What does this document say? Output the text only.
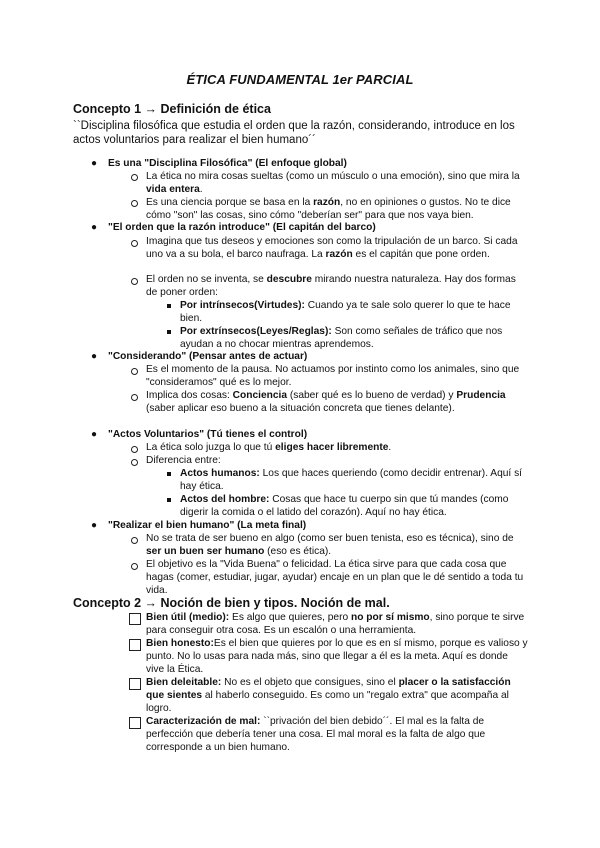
ÉTICA FUNDAMENTAL 1er PARCIAL
Concepto 1 → Definición de ética
``Disciplina filosófica que estudia el orden que la razón, considerando, introduce en los actos voluntarios para realizar el bien humano´´
● Es una "Disciplina Filosófica" (El enfoque global)
La ética no mira cosas sueltas (como un músculo o una emoción), sino que mira la vida entera.
Es una ciencia porque se basa en la razón, no en opiniones o gustos. No te dice cómo "son" las cosas, sino cómo "deberían ser" para que nos vaya bien.
● "El orden que la razón introduce" (El capitán del barco)
Imagina que tus deseos y emociones son como la tripulación de un barco. Si cada uno va a su bola, el barco naufraga. La razón es el capitán que pone orden.
El orden no se inventa, se descubre mirando nuestra naturaleza. Hay dos formas de poner orden:
Por intrínsecos(Virtudes): Cuando ya te sale solo querer lo que te hace bien.
Por extrínsecos(Leyes/Reglas): Son como señales de tráfico que nos ayudan a no chocar mientras aprendemos.
● "Considerando" (Pensar antes de actuar)
Es el momento de la pausa. No actuamos por instinto como los animales, sino que "consideramos" qué es lo mejor.
Implica dos cosas: Conciencia (saber qué es lo bueno de verdad) y Prudencia (saber aplicar eso bueno a la situación concreta que tienes delante).
● "Actos Voluntarios" (Tú tienes el control)
La ética solo juzga lo que tú eliges hacer libremente.
Diferencia entre:
Actos humanos: Los que haces queriendo (como decidir entrenar). Aquí sí hay ética.
Actos del hombre: Cosas que hace tu cuerpo sin que tú mandes (como digerir la comida o el latido del corazón). Aquí no hay ética.
● "Realizar el bien humano" (La meta final)
No se trata de ser bueno en algo (como ser buen tenista, eso es técnica), sino de ser un buen ser humano (eso es ética).
El objetivo es la "Vida Buena" o felicidad. La ética sirve para que cada cosa que hagas (comer, estudiar, jugar, ayudar) encaje en un plan que le dé sentido a toda tu vida.
Concepto 2 → Noción de bien y tipos. Noción de mal.
Bien útil (medio): Es algo que quieres, pero no por sí mismo, sino porque te sirve para conseguir otra cosa. Es un escalón o una herramienta.
Bien honesto:Es el bien que quieres por lo que es en sí mismo, porque es valioso y punto. No lo usas para nada más, sino que llegar a él es la meta. Aquí es donde vive la Ética.
Bien deleitable: No es el objeto que consigues, sino el placer o la satisfacción que sientes al haberlo conseguido. Es como un "regalo extra" que acompaña al logro.
Caracterización de mal: ``privación del bien debido´´. El mal es la falta de perfección que debería tener una cosa. El mal moral es la falta de algo que corresponde a un bien humano.
